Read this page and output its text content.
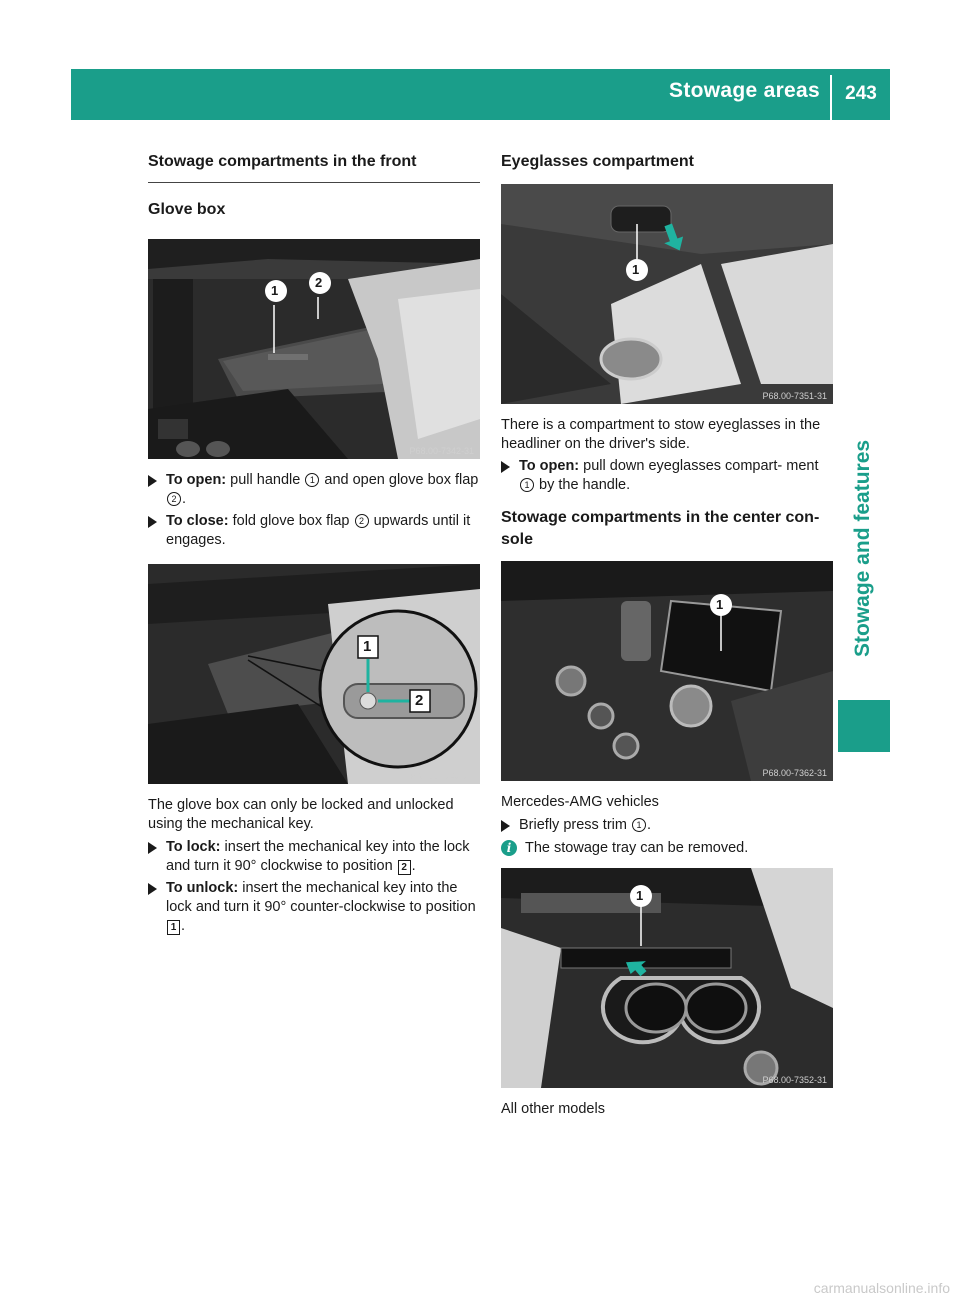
Stowage areas	243
Stowage and features
Stowage compartments in the front
Glove box
1
2
P68.00-7342-31

To open: pull handle 1 and open glove box flap 2 .

To close: fold glove box flap 2 upwards until it engages.

1
2
P68.00-7343-31

The glove box can only be locked and unlocked using the mechanical key.

To lock: insert the mechanical key into the lock and turn it 90° clockwise to position 2 .

To unlock: insert the mechanical key into the lock and turn it 90° counter-clockwise to position 1 .

Eyeglasses compartment
1
P68.00-7351-31

There is a compartment to stow eyeglasses in the headliner on the driver's side.

To open: pull down eyeglasses compart- ment 1 by the handle.

Stowage compartments in the center con- sole
1
P68.00-7362-31

Mercedes-AMG vehicles

Briefly press trim 1 .

i The stowage tray can be removed.

1
P68.00-7352-31

All other models

carmanualsonline.info
